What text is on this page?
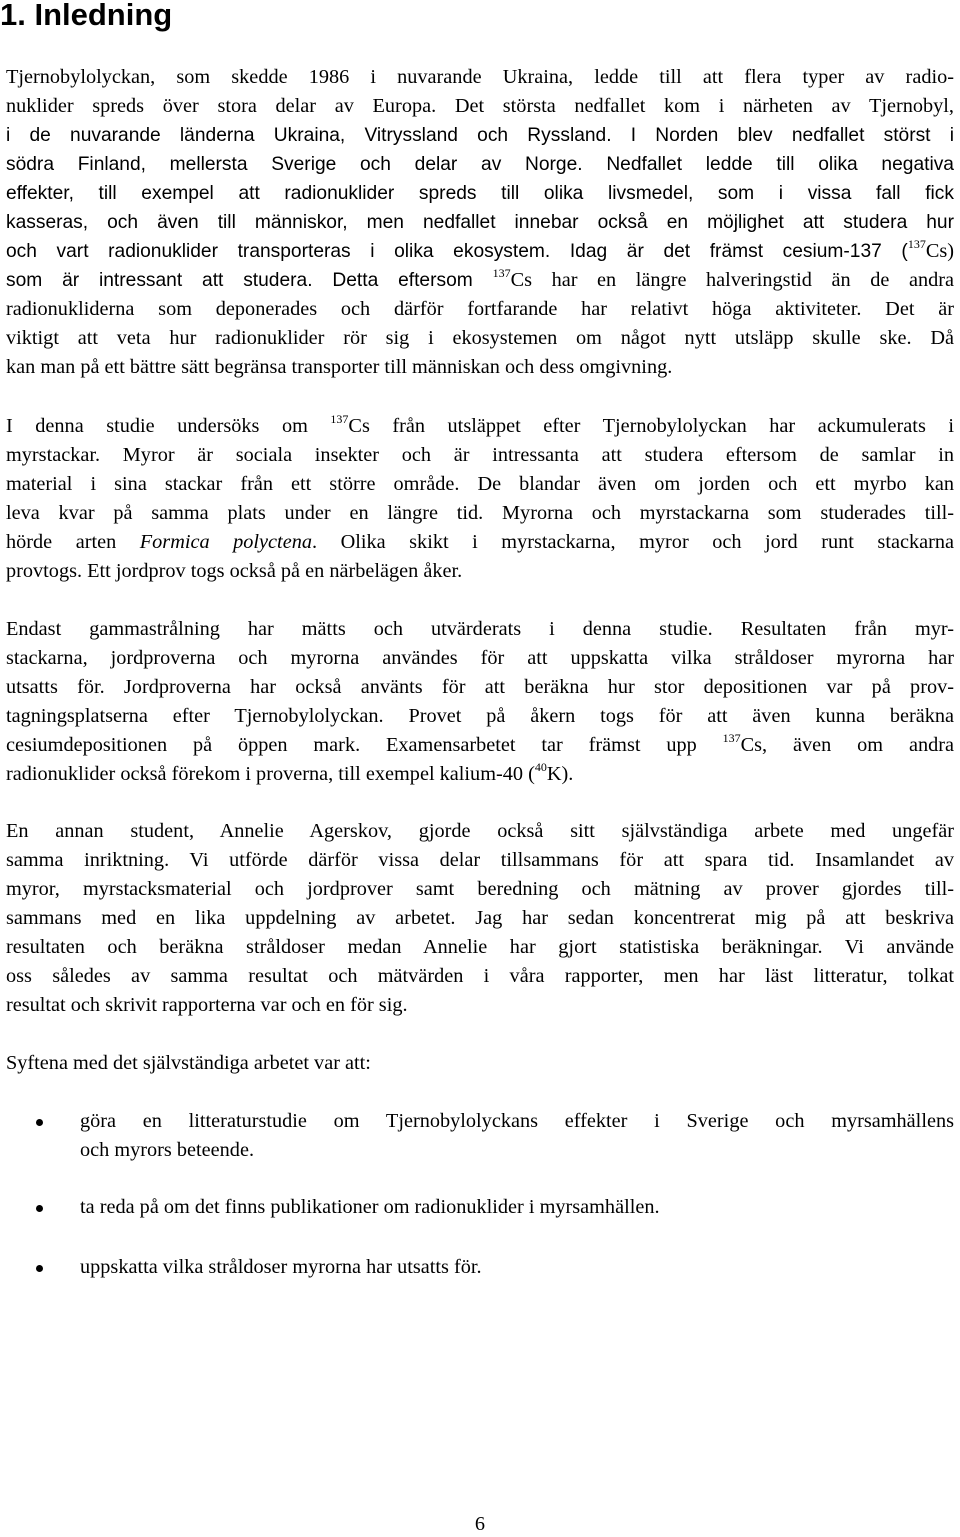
1. Inledning
Tjernobylolyckan, som skedde 1986 i nuvarande Ukraina, ledde till att flera typer av radio-
nuklider spreds över stora delar av Europa. Det största nedfallet kom i närheten av Tjernobyl,
i de nuvarande länderna Ukraina, Vitryssland och Ryssland. I Norden blev nedfallet störst i
södra Finland, mellersta Sverige och delar av Norge. Nedfallet ledde till olika negativa
effekter, till exempel att radionuklider spreds till olika livsmedel, som i vissa fall fick
kasseras, och även till människor, men nedfallet innebar också en möjlighet att studera hur
och vart radionuklider transporteras i olika ekosystem. Idag är det främst cesium-137 ($^{137}$Cs)
som är intressant att studera. Detta eftersom $^{137}$Cs har en längre halveringstid än de andra
radionukliderna som deponerades och därför fortfarande har relativt höga aktiviteter. Det är
viktigt att veta hur radionuklider rör sig i ekosystemen om något nytt utsläpp skulle ske. Då
kan man på ett bättre sätt begränsa transporter till människan och dess omgivning.
I denna studie undersöks om $^{137}$Cs från utsläppet efter Tjernobylolyckan har ackumulerats i
myrstackar. Myror är sociala insekter och är intressanta att studera eftersom de samlar in
material i sina stackar från ett större område. De blandar även om jorden och ett myrbo kan
leva kvar på samma plats under en längre tid. Myrorna och myrstackarna som studerades till-
hörde arten Formica polyctena. Olika skikt i myrstackarna, myror och jord runt stackarna
provtogs. Ett jordprov togs också på en närbelägen åker.
Endast gammastrålning har mätts och utvärderats i denna studie. Resultaten från myr-
stackarna, jordproverna och myrorna användes för att uppskatta vilka stråldoser myrorna har
utsatts för. Jordproverna har också använts för att beräkna hur stor depositionen var på prov-
tagningsplatserna efter Tjernobylolyckan. Provet på åkern togs för att även kunna beräkna
cesiumdepositionen på öppen mark. Examensarbetet tar främst upp $^{137}$Cs, även om andra
radionuklider också förekom i proverna, till exempel kalium-40 ($^{40}$K).
En annan student, Annelie Agerskov, gjorde också sitt självständiga arbete med ungefär
samma inriktning. Vi utförde därför vissa delar tillsammans för att spara tid. Insamlandet av
myror, myrstacksmaterial och jordprover samt beredning och mätning av prover gjordes till-
sammans med en lika uppdelning av arbetet. Jag har sedan koncentrerat mig på att beskriva
resultaten och beräkna stråldoser medan Annelie har gjort statistiska beräkningar. Vi använde
oss således av samma resultat och mätvärden i våra rapporter, men har läst litteratur, tolkat
resultat och skrivit rapporterna var och en för sig.
Syftena med det självständiga arbetet var att:
göra en litteraturstudie om Tjernobylolyckans effekter i Sverige och myrsamhällens
och myrors beteende.
ta reda på om det finns publikationer om radionuklider i myrsamhällen.
uppskatta vilka stråldoser myrorna har utsatts för.
6
